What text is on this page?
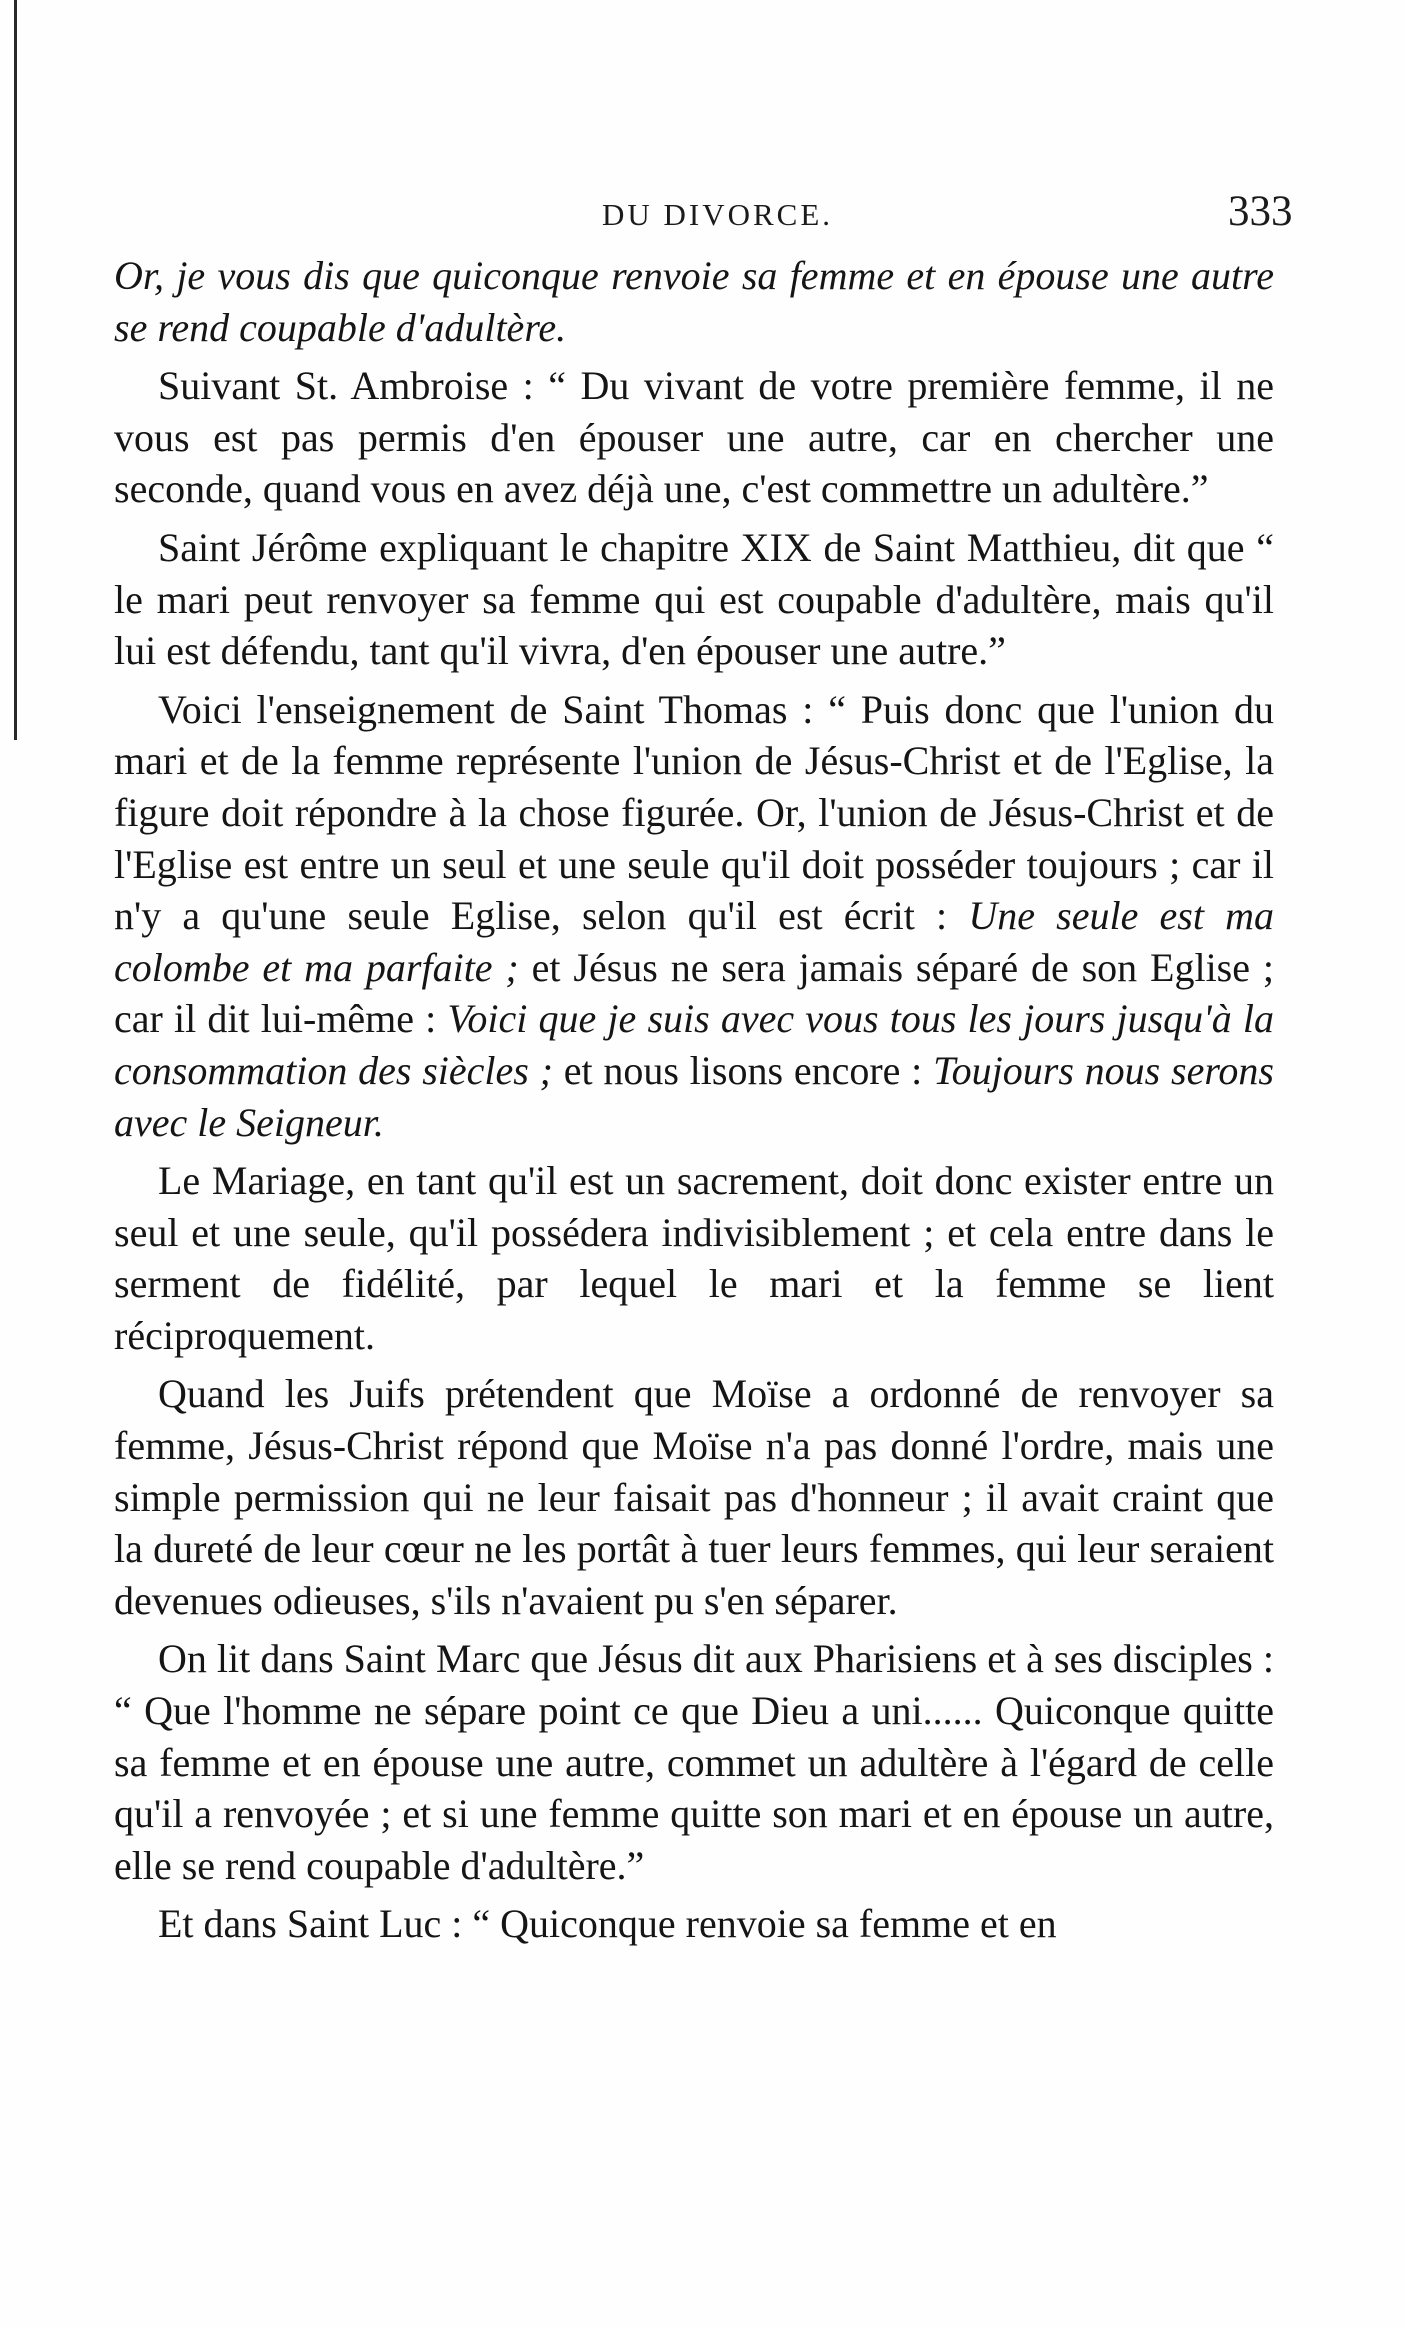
DU DIVORCE.	333

Or, je vous dis que quiconque renvoie sa femme et en épouse une autre se rend coupable d'adultère.

Suivant St. Ambroise : “ Du vivant de votre première femme, il ne vous est pas permis d'en épouser une autre, car en chercher une seconde, quand vous en avez déjà une, c'est commettre un adultère.”

Saint Jérôme expliquant le chapitre XIX de Saint Matthieu, dit que “ le mari peut renvoyer sa femme qui est coupable d'adultère, mais qu'il lui est défendu, tant qu'il vivra, d'en épouser une autre.”

Voici l'enseignement de Saint Thomas : “ Puis donc que l'union du mari et de la femme représente l'union de Jésus-Christ et de l'Eglise, la figure doit répondre à la chose figurée. Or, l'union de Jésus-Christ et de l'Eglise est entre un seul et une seule qu'il doit posséder toujours ; car il n'y a qu'une seule Eglise, selon qu'il est écrit : Une seule est ma colombe et ma parfaite ; et Jésus ne sera jamais séparé de son Eglise ; car il dit lui-même : Voici que je suis avec vous tous les jours jusqu'à la consommation des siècles ; et nous lisons encore : Toujours nous serons avec le Seigneur.

Le Mariage, en tant qu'il est un sacrement, doit donc exister entre un seul et une seule, qu'il possédera indivisiblement ; et cela entre dans le serment de fidélité, par lequel le mari et la femme se lient réciproquement.

Quand les Juifs prétendent que Moïse a ordonné de renvoyer sa femme, Jésus-Christ répond que Moïse n'a pas donné l'ordre, mais une simple permission qui ne leur faisait pas d'honneur ; il avait craint que la dureté de leur cœur ne les portât à tuer leurs femmes, qui leur seraient devenues odieuses, s'ils n'avaient pu s'en séparer.

On lit dans Saint Marc que Jésus dit aux Pharisiens et à ses disciples : “ Que l'homme ne sépare point ce que Dieu a uni...... Quiconque quitte sa femme et en épouse une autre, commet un adultère à l'égard de celle qu'il a renvoyée ; et si une femme quitte son mari et en épouse un autre, elle se rend coupable d'adultère.”

Et dans Saint Luc : “ Quiconque renvoie sa femme et en
